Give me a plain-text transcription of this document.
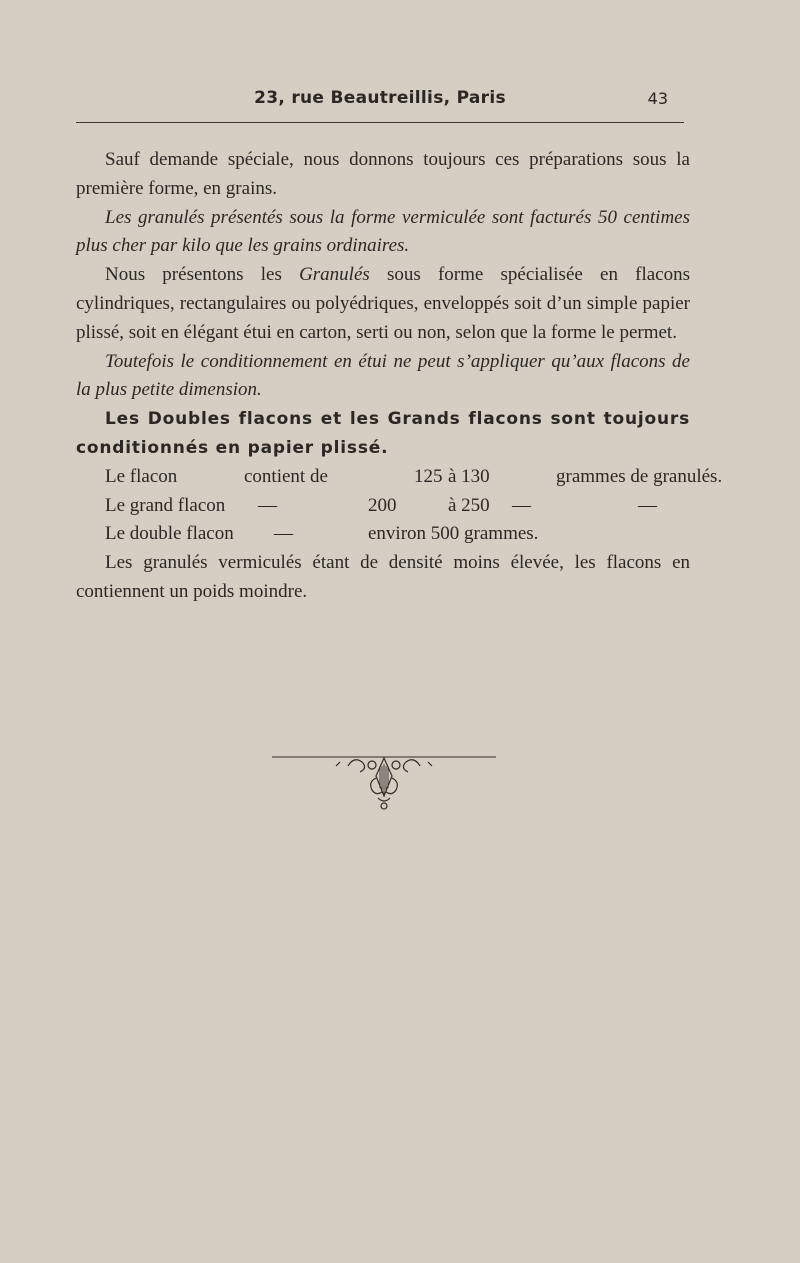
23, rue Beautreillis, Paris	43

Sauf demande spéciale, nous donnons toujours ces préparations sous la première forme, en grains.

Les granulés présentés sous la forme vermiculée sont facturés 50 centimes plus cher par kilo que les grains ordinaires.

Nous présentons les Granulés sous forme spécialisée en flacons cylindriques, rectangulaires ou polyédriques, enveloppés soit d’un simple papier plissé, soit en élégant étui en carton, serti ou non, selon que la forme le permet.

Toutefois le conditionnement en étui ne peut s’appliquer qu’aux flacons de la plus petite dimension.

Les Doubles flacons et les Grands flacons sont toujours conditionnés en papier plissé.

Le flacon	contient de	125 à 130	grammes de granulés.
Le grand flacon —	200	à 250 —	—
Le double flacon —	environ 500 grammes.

Les granulés vermiculés étant de densité moins élevée, les flacons en contiennent un poids moindre.
